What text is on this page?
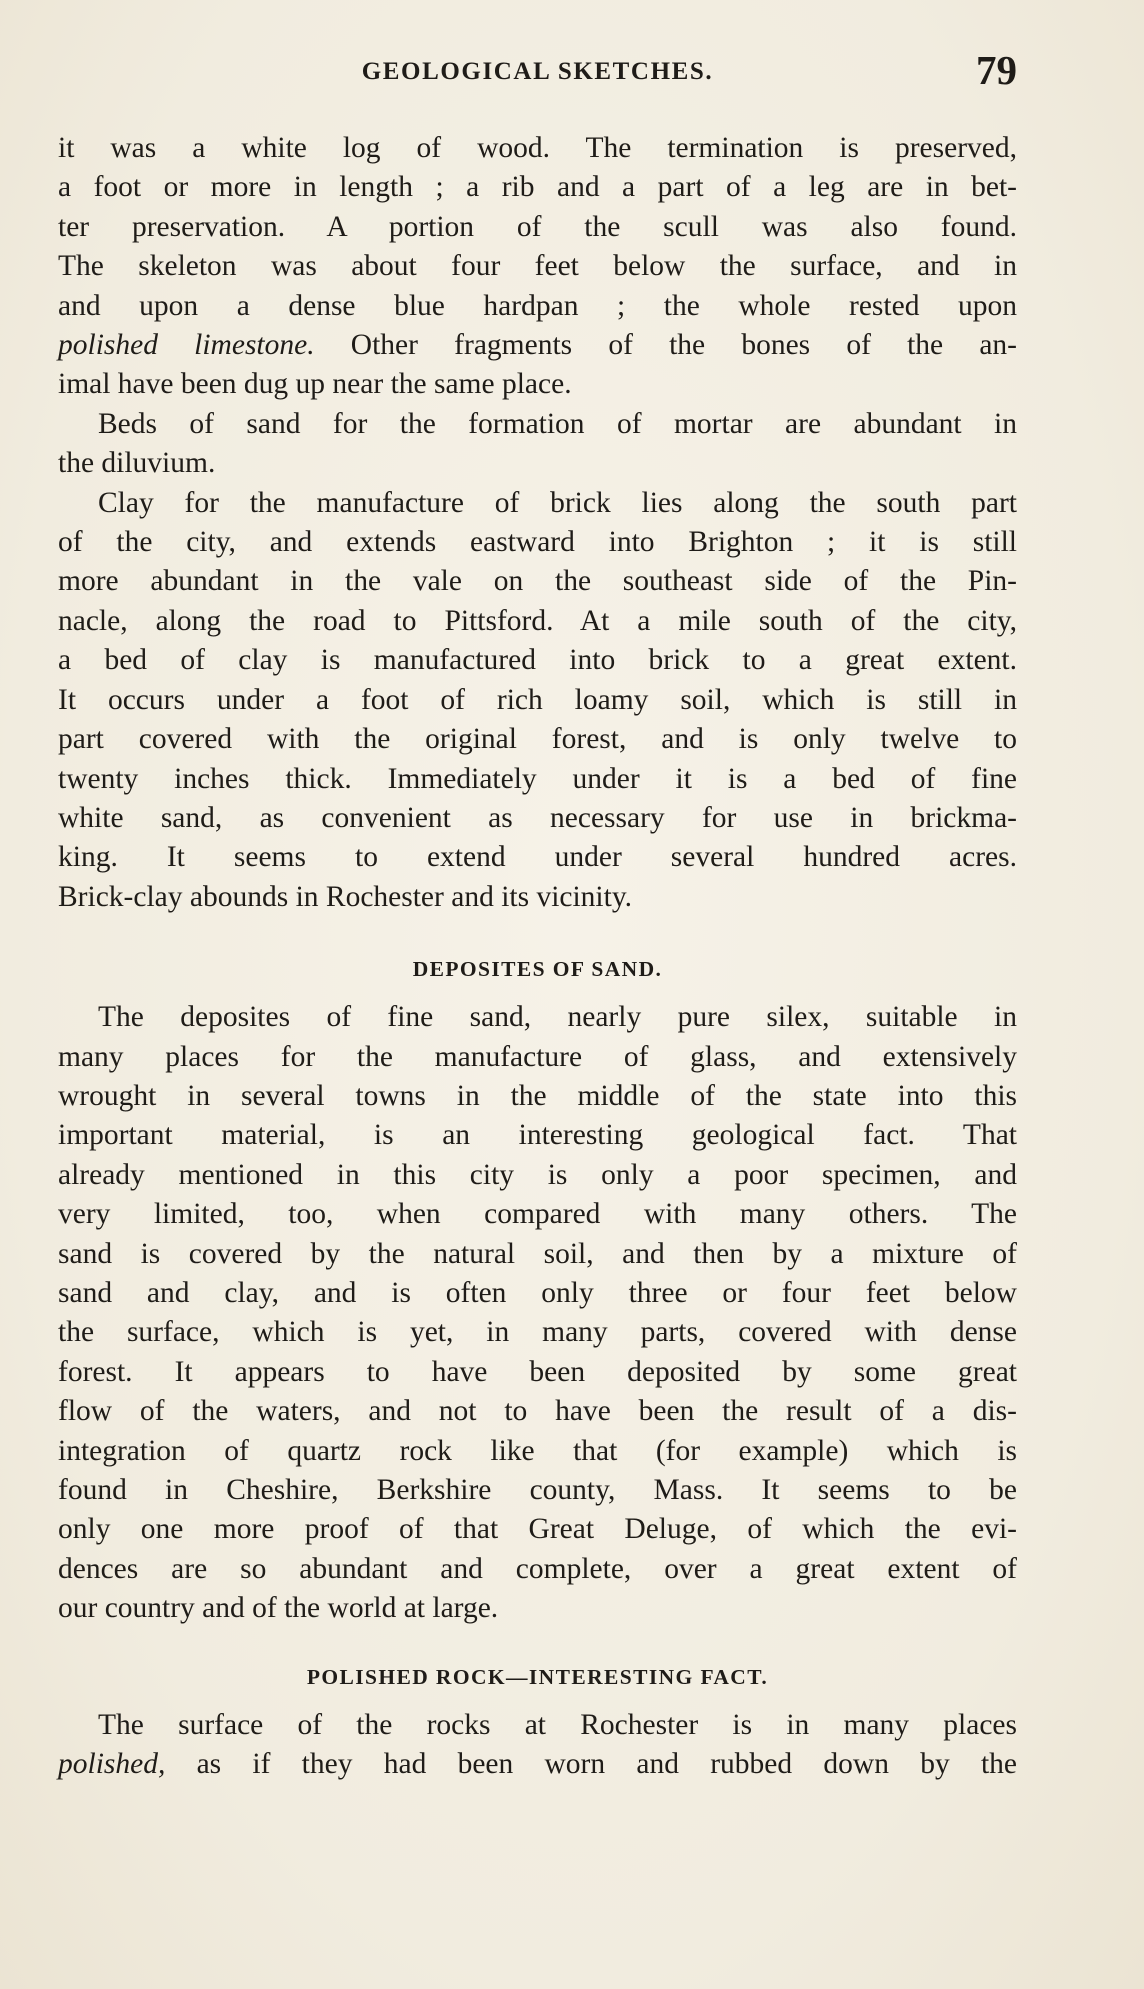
GEOLOGICAL SKETCHES.	79

it was a white log of wood. The termination is preserved,
a foot or more in length ; a rib and a part of a leg are in bet-
ter preservation. A portion of the scull was also found.
The skeleton was about four feet below the surface, and in
and upon a dense blue hardpan ; the whole rested upon
polished limestone. Other fragments of the bones of the an-
imal have been dug up near the same place.

Beds of sand for the formation of mortar are abundant in
the diluvium.

Clay for the manufacture of brick lies along the south part
of the city, and extends eastward into Brighton ; it is still
more abundant in the vale on the southeast side of the Pin-
nacle, along the road to Pittsford. At a mile south of the city,
a bed of clay is manufactured into brick to a great extent.
It occurs under a foot of rich loamy soil, which is still in
part covered with the original forest, and is only twelve to
twenty inches thick. Immediately under it is a bed of fine
white sand, as convenient as necessary for use in brickma-
king. It seems to extend under several hundred acres.
Brick-clay abounds in Rochester and its vicinity.

DEPOSITES OF SAND.

The deposites of fine sand, nearly pure silex, suitable in
many places for the manufacture of glass, and extensively
wrought in several towns in the middle of the state into this
important material, is an interesting geological fact. That
already mentioned in this city is only a poor specimen, and
very limited, too, when compared with many others. The
sand is covered by the natural soil, and then by a mixture of
sand and clay, and is often only three or four feet below
the surface, which is yet, in many parts, covered with dense
forest. It appears to have been deposited by some great
flow of the waters, and not to have been the result of a dis-
integration of quartz rock like that (for example) which is
found in Cheshire, Berkshire county, Mass. It seems to be
only one more proof of that Great Deluge, of which the evi-
dences are so abundant and complete, over a great extent of
our country and of the world at large.

POLISHED ROCK—INTERESTING FACT.

The surface of the rocks at Rochester is in many places
polished, as if they had been worn and rubbed down by the
